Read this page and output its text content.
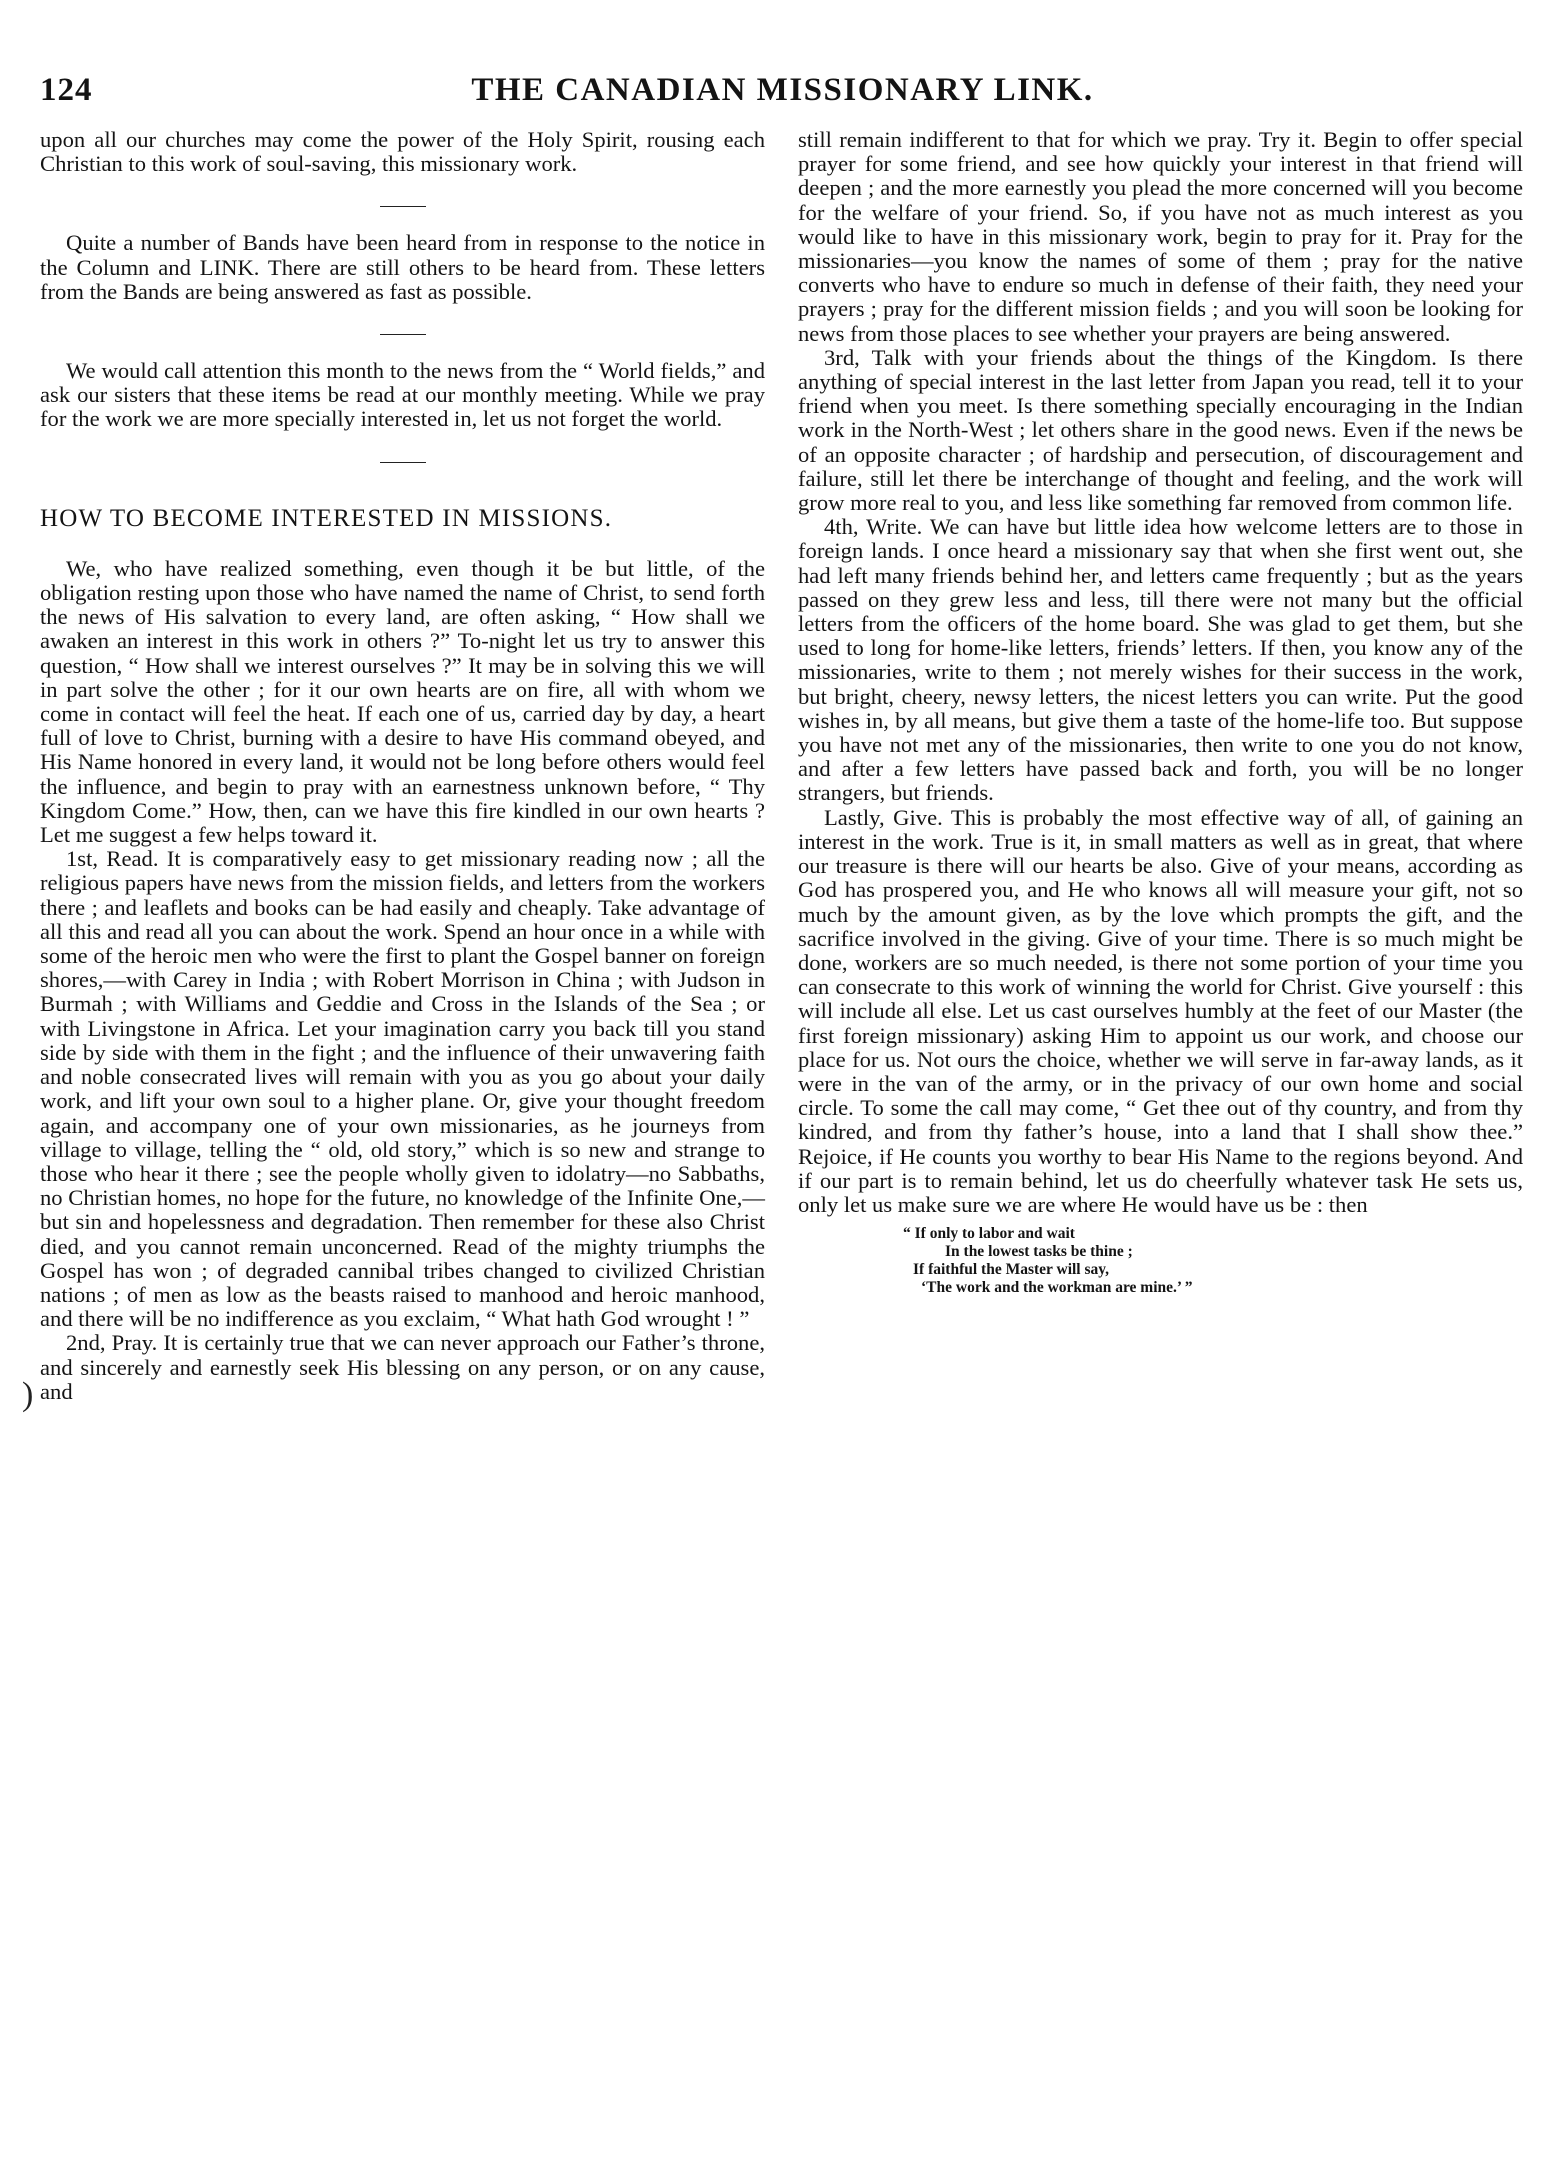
124	THE CANADIAN MISSIONARY LINK.

upon all our churches may come the power of the Holy Spirit, rousing each Christian to this work of soul-saving, this missionary work.

Quite a number of Bands have been heard from in response to the notice in the Column and LINK. There are still others to be heard from. These letters from the Bands are being answered as fast as possible.

We would call attention this month to the news from the “ World fields,” and ask our sisters that these items be read at our monthly meeting. While we pray for the work we are more specially interested in, let us not forget the world.

HOW TO BECOME INTERESTED IN MISSIONS.

We, who have realized something, even though it be but little, of the obligation resting upon those who have named the name of Christ, to send forth the news of His salvation to every land, are often asking, “ How shall we awaken an interest in this work in others ?” To-night let us try to answer this question, “ How shall we interest ourselves ?” It may be in solving this we will in part solve the other ; for it our own hearts are on fire, all with whom we come in contact will feel the heat. If each one of us, carried day by day, a heart full of love to Christ, burning with a desire to have His command obeyed, and His Name honored in every land, it would not be long before others would feel the influence, and begin to pray with an earnestness unknown before, “ Thy Kingdom Come.” How, then, can we have this fire kindled in our own hearts ? Let me suggest a few helps toward it.

1st, Read. It is comparatively easy to get missionary reading now ; all the religious papers have news from the mission fields, and letters from the workers there ; and leaflets and books can be had easily and cheaply. Take advantage of all this and read all you can about the work. Spend an hour once in a while with some of the heroic men who were the first to plant the Gospel banner on foreign shores,—with Carey in India ; with Robert Morrison in China ; with Judson in Burmah ; with Williams and Geddie and Cross in the Islands of the Sea ; or with Livingstone in Africa. Let your imagination carry you back till you stand side by side with them in the fight ; and the influence of their unwavering faith and noble consecrated lives will remain with you as you go about your daily work, and lift your own soul to a higher plane. Or, give your thought freedom again, and accompany one of your own missionaries, as he journeys from village to village, telling the “ old, old story,” which is so new and strange to those who hear it there ; see the people wholly given to idolatry—no Sabbaths, no Christian homes, no hope for the future, no knowledge of the Infinite One,—but sin and hopelessness and degradation. Then remember for these also Christ died, and you cannot remain unconcerned. Read of the mighty triumphs the Gospel has won ; of degraded cannibal tribes changed to civilized Christian nations ; of men as low as the beasts raised to manhood and heroic manhood, and there will be no indifference as you exclaim, “ What hath God wrought ! ”

2nd, Pray. It is certainly true that we can never approach our Father’s throne, and sincerely and earnestly seek His blessing on any person, or on any cause, and

still remain indifferent to that for which we pray. Try it. Begin to offer special prayer for some friend, and see how quickly your interest in that friend will deepen ; and the more earnestly you plead the more concerned will you become for the welfare of your friend. So, if you have not as much interest as you would like to have in this missionary work, begin to pray for it. Pray for the missionaries—you know the names of some of them ; pray for the native converts who have to endure so much in defense of their faith, they need your prayers ; pray for the different mission fields ; and you will soon be looking for news from those places to see whether your prayers are being answered.

3rd, Talk with your friends about the things of the Kingdom. Is there anything of special interest in the last letter from Japan you read, tell it to your friend when you meet. Is there something specially encouraging in the Indian work in the North-West ; let others share in the good news. Even if the news be of an opposite character ; of hardship and persecution, of discouragement and failure, still let there be interchange of thought and feeling, and the work will grow more real to you, and less like something far removed from common life.

4th, Write. We can have but little idea how welcome letters are to those in foreign lands. I once heard a missionary say that when she first went out, she had left many friends behind her, and letters came frequently ; but as the years passed on they grew less and less, till there were not many but the official letters from the officers of the home board. She was glad to get them, but she used to long for home-like letters, friends’ letters. If then, you know any of the missionaries, write to them ; not merely wishes for their success in the work, but bright, cheery, newsy letters, the nicest letters you can write. Put the good wishes in, by all means, but give them a taste of the home-life too. But suppose you have not met any of the missionaries, then write to one you do not know, and after a few letters have passed back and forth, you will be no longer strangers, but friends.

Lastly, Give. This is probably the most effective way of all, of gaining an interest in the work. True is it, in small matters as well as in great, that where our treasure is there will our hearts be also. Give of your means, according as God has prospered you, and He who knows all will measure your gift, not so much by the amount given, as by the love which prompts the gift, and the sacrifice involved in the giving. Give of your time. There is so much might be done, workers are so much needed, is there not some portion of your time you can consecrate to this work of winning the world for Christ. Give yourself : this will include all else. Let us cast ourselves humbly at the feet of our Master (the first foreign missionary) asking Him to appoint us our work, and choose our place for us. Not ours the choice, whether we will serve in far-away lands, as it were in the van of the army, or in the privacy of our own home and social circle. To some the call may come, “ Get thee out of thy country, and from thy kindred, and from thy father’s house, into a land that I shall show thee.” Rejoice, if He counts you worthy to bear His Name to the regions beyond. And if our part is to remain behind, let us do cheerfully whatever task He sets us, only let us make sure we are where He would have us be : then

“ If only to labor and wait
In the lowest tasks be thine ;
If faithful the Master will say,
‘The work and the workman are mine.’ ”
)
